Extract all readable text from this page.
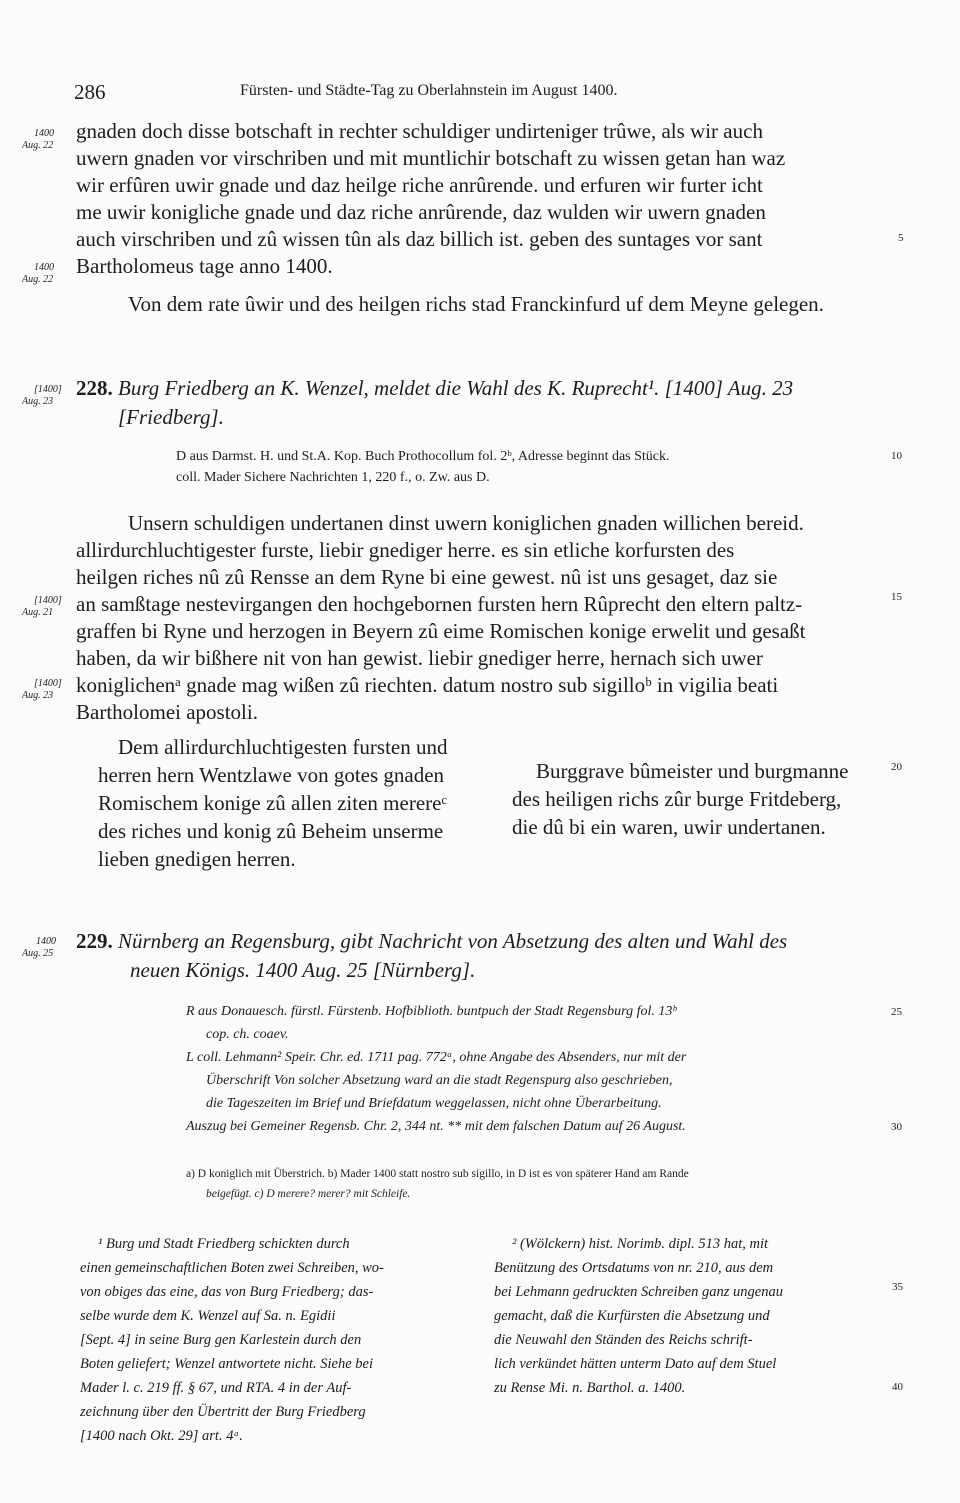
286	Fürsten- und Städte-Tag zu Oberlahnstein im August 1400.
1400
Aug. 22
gnaden doch disse botschaft in rechter schuldiger undirteniger trûwe, als wir auch
uwern gnaden vor virschriben und mit muntlichir botschaft zu wissen getan han waz
wir erfûren uwir gnade und daz heilge riche anrûrende. und erfuren wir furter icht
me uwir konigliche gnade und daz riche anrûrende, daz wulden wir uwern gnaden
auch virschriben und zû wissen tûn als daz billich ist. geben des suntages vor sant
Bartholomeus tage anno 1400.
Von dem rate ûwir und des heilgen richs stad Franckinfurd uf dem Meyne gelegen.
5
1400
Aug. 22
[1400]
Aug. 23
228. Burg Friedberg an K. Wenzel, meldet die Wahl des K. Ruprecht¹. [1400] Aug. 23
[Friedberg].
D aus Darmst. H. und St.A. Kop. Buch Prothocollum fol. 2ᵇ, Adresse beginnt das Stück.
coll. Mader Sichere Nachrichten 1, 220 f., o. Zw. aus D.
10
Unsern schuldigen undertanen dinst uwern koniglichen gnaden willichen bereid.
allirdurchluchtigester furste, liebir gnediger herre. es sin etliche korfursten des
heilgen riches nû zû Rensse an dem Ryne bi eine gewest. nû ist uns gesaget, daz sie
an samßtage nestevirgangen den hochgebornen fursten hern Rûprecht den eltern paltz-
graffen bi Ryne und herzogen in Beyern zû eime Romischen konige erwelit und gesaßt
haben, da wir bißhere nit von han gewist. liebir gnediger herre, hernach sich uwer
koniglichenᵃ gnade mag wißen zû riechten. datum nostro sub sigilloᵇ in vigilia beati
Bartholomei apostoli.
[1400]
Aug. 21
15
[1400]
Aug. 23
Dem allirdurchluchtigesten fursten und
herren hern Wentzlawe von gotes gnaden
Romischem konige zû allen ziten merereᶜ
des riches und konig zû Beheim unserme
lieben gnedigen herren.
Burggrave bûmeister und burgmanne
des heiligen richs zûr burge Fritdeberg,
die dû bi ein waren, uwir undertanen.
20
1400
Aug. 25
229. Nürnberg an Regensburg, gibt Nachricht von Absetzung des alten und Wahl des
neuen Königs. 1400 Aug. 25 [Nürnberg].
R aus Donauesch. fürstl. Fürstenb. Hofbiblioth. buntpuch der Stadt Regensburg fol. 13ᵇ
cop. ch. coaev.
L coll. Lehmann² Speir. Chr. ed. 1711 pag. 772ᵃ, ohne Angabe des Absenders, nur mit der
Überschrift Von solcher Absetzung ward an die stadt Regenspurg also geschrieben,
die Tageszeiten im Brief und Briefdatum weggelassen, nicht ohne Überarbeitung.
Auszug bei Gemeiner Regensb. Chr. 2, 344 nt. ** mit dem falschen Datum auf 26 August.
25
30
a) D koniglich mit Überstrich. b) Mader 1400 statt nostro sub sigillo, in D ist es von späterer Hand am Rande
beigefügt. c) D merere? merer? mit Schleife.
¹ Burg und Stadt Friedberg schickten durch
einen gemeinschaftlichen Boten zwei Schreiben, wo-
von obiges das eine, das von Burg Friedberg; das-
selbe wurde dem K. Wenzel auf Sa. n. Egidii
[Sept. 4] in seine Burg gen Karlestein durch den
Boten geliefert; Wenzel antwortete nicht. Siehe bei
Mader l. c. 219 ff. § 67, und RTA. 4 in der Auf-
zeichnung über den Übertritt der Burg Friedberg
[1400 nach Okt. 29] art. 4ᵃ.
² (Wölckern) hist. Norimb. dipl. 513 hat, mit
Benützung des Ortsdatums von nr. 210, aus dem
bei Lehmann gedruckten Schreiben ganz ungenau
gemacht, daß die Kurfürsten die Absetzung und
die Neuwahl den Ständen des Reichs schrift-
lich verkündet hätten unterm Dato auf dem Stuel
zu Rense Mi. n. Barthol. a. 1400.
35
40
